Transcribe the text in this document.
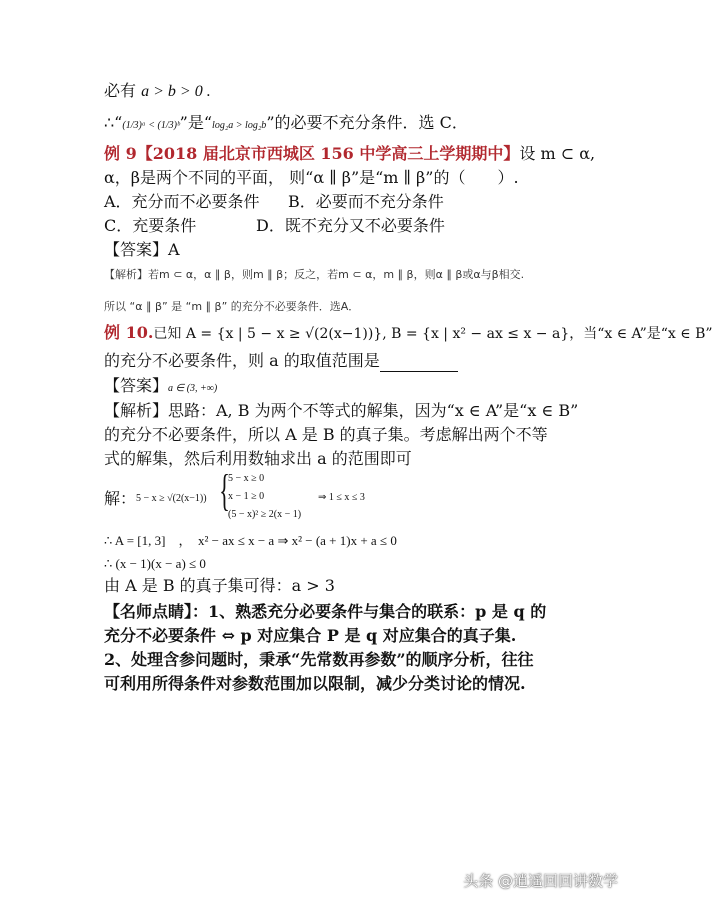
必有 a > b > 0 .
∴“(1/3)ᵃ < (1/3)ᵇ”是“log₂a > log₂b”的必要不充分条件．选 C．
例 9【2018 届北京市西城区 156 中学高三上学期期中】设 m ⊂ α,
α，β是两个不同的平面， 则“α ∥ β”是“m ∥ β”的（　　）.
A．充分而不必要条件 B．必要而不充分条件
C．充要条件	D．既不充分又不必要条件
【答案】A
【解析】若m ⊂ α，α ∥ β，则m ∥ β；反之，若m ⊂ α，m ∥ β，则α ∥ β或α与β相交.
所以 “α ∥ β” 是 “m ∥ β” 的充分不必要条件．选A．
例 10.已知 A = {x | 5 − x ≥ √(2(x−1))}, B = {x | x² − ax ≤ x − a}，当“x ∈ A”是“x ∈ B”
的充分不必要条件，则 a 的取值范围是
【答案】a ∈ (3, +∞)
【解析】思路：A, B 为两个不等式的解集，因为“x ∈ A”是“x ∈ B”
的充分不必要条件，所以 A 是 B 的真子集。考虑解出两个不等
式的解集，然后利用数轴求出 a 的范围即可
解： 5 − x ≥ √(2(x−1)) {
5 − x ≥ 0
x − 1 ≥ 0
(5 − x)² ≥ 2(x − 1)
⇒ 1 ≤ x ≤ 3
∴ A = [1, 3]　，　x² − ax ≤ x − a ⇒ x² − (a + 1)x + a ≤ 0
∴ (x − 1)(x − a) ≤ 0
由 A 是 B 的真子集可得：a > 3
【名师点睛】：1、熟悉充分必要条件与集合的联系：p 是 q 的
充分不必要条件 ⇔ p 对应集合 P 是 q 对应集合的真子集.
2、处理含参问题时，秉承“先常数再参数”的顺序分析，往往
可利用所得条件对参数范围加以限制，减少分类讨论的情况.
头条 @逍遥回回讲数学
